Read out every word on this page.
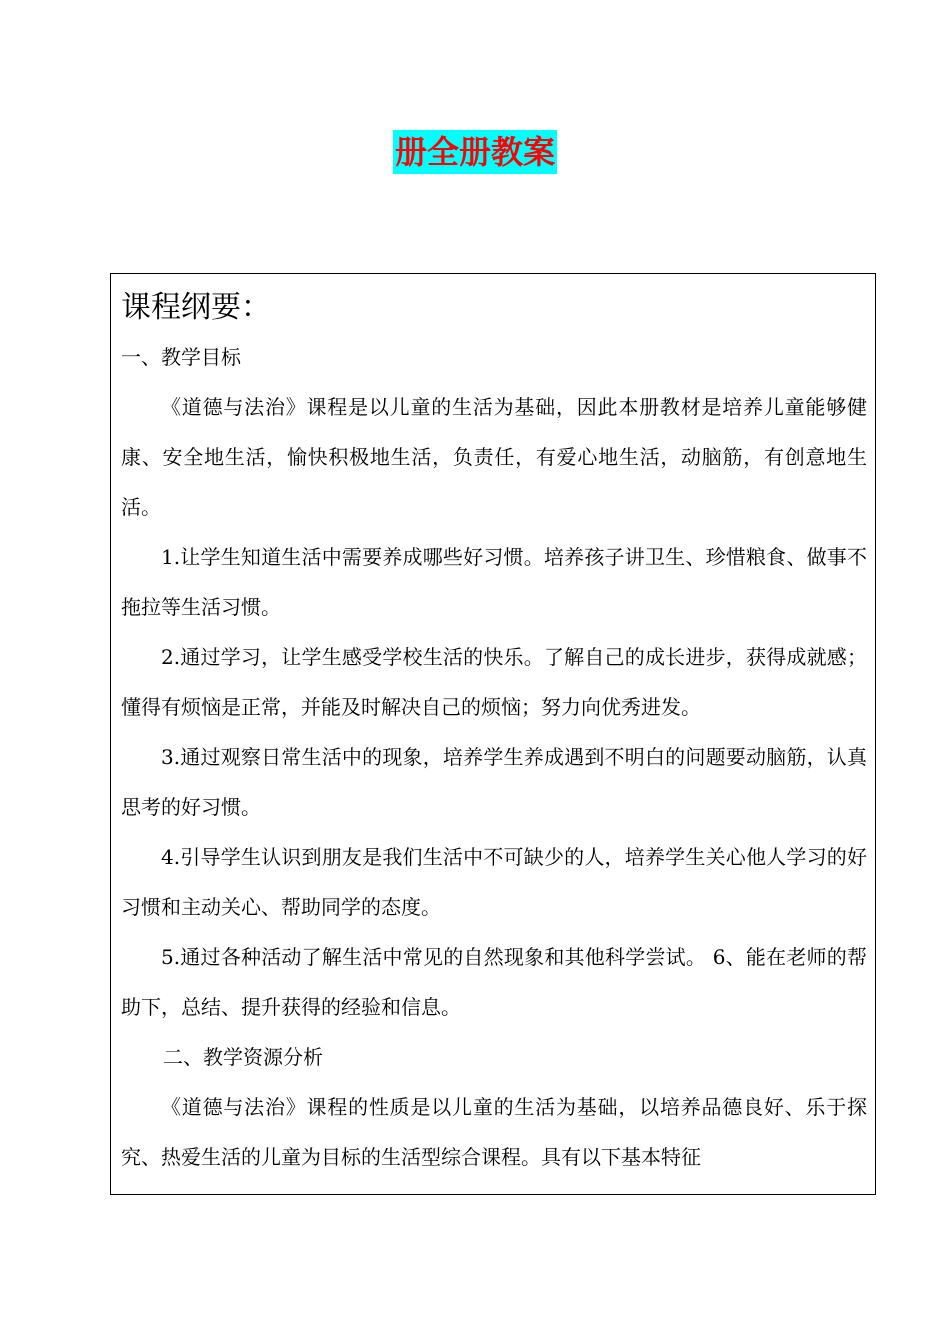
册全册教案
课程纲要：
一、教学目标

《道德与法治》课程是以儿童的生活为基础，因此本册教材是培养儿童能够健康、安全地生活，愉快积极地生活，负责任，有爱心地生活，动脑筋，有创意地生活。

1.让学生知道生活中需要养成哪些好习惯。培养孩子讲卫生、珍惜粮食、做事不拖拉等生活习惯。

2.通过学习，让学生感受学校生活的快乐。了解自己的成长进步，获得成就感；懂得有烦恼是正常，并能及时解决自己的烦恼；努力向优秀进发。

3.通过观察日常生活中的现象，培养学生养成遇到不明白的问题要动脑筋，认真思考的好习惯。

4.引导学生认识到朋友是我们生活中不可缺少的人，培养学生关心他人学习的好习惯和主动关心、帮助同学的态度。

5.通过各种活动了解生活中常见的自然现象和其他科学尝试。 6、能在老师的帮助下，总结、提升获得的经验和信息。

二、教学资源分析

《道德与法治》课程的性质是以儿童的生活为基础，以培养品德良好、乐于探究、热爱生活的儿童为目标的生活型综合课程。具有以下基本特征
